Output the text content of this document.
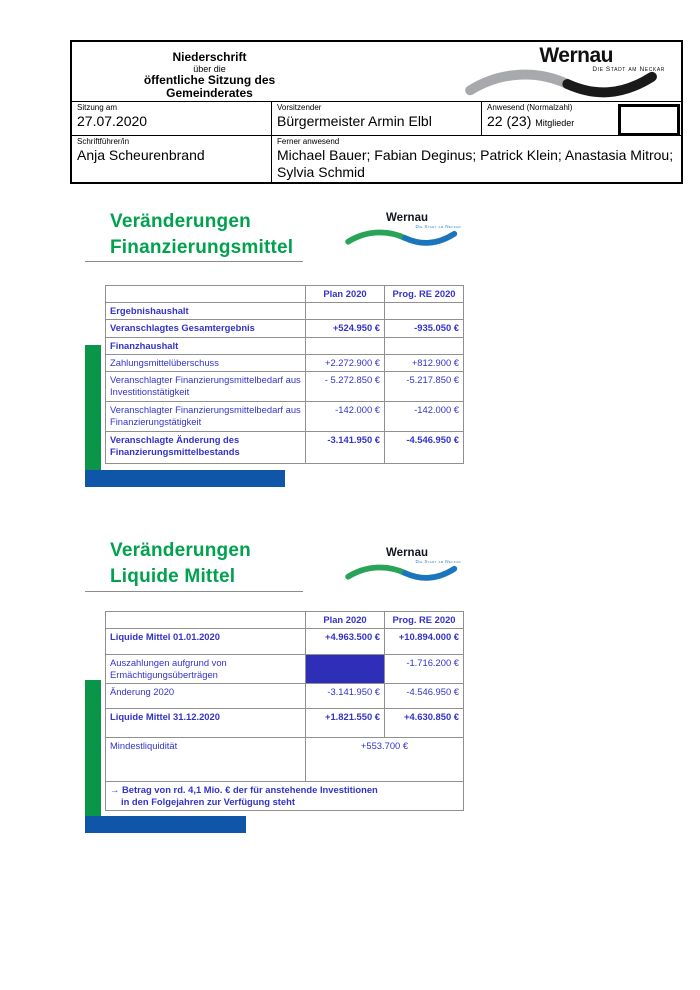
Niederschrift
über die
öffentliche Sitzung des
Gemeinderates
Wernau
Die Stadt am Neckar
Sitzung am
27.07.2020
Vorsitzender
Bürgermeister Armin Elbl
Anwesend (Normalzahl)
22 (23) Mitglieder
Schriftführer/in
Anja Scheurenbrand
Ferner anwesend
Michael Bauer; Fabian Deginus; Patrick Klein; Anastasia Mitrou; Sylvia Schmid
Veränderungen
Finanzierungsmittel
Wernau
Die Stadt am Neckar
	Plan 2020	Prog. RE 2020
Ergebnishaushalt		
Veranschlagtes Gesamtergebnis	+524.950 €	-935.050 €
Finanzhaushalt		
Zahlungsmittelüberschuss	+2.272.900 €	+812.900 €
Veranschlagter Finanzierungsmittelbedarf aus Investitionstätigkeit	- 5.272.850 €	-5.217.850 €
Veranschlagter Finanzierungsmittelbedarf aus Finanzierungstätigkeit	-142.000 €	-142.000 €
Veranschlagte Änderung des Finanzierungsmittelbestands	-3.141.950 €	-4.546.950 €
Veränderungen
Liquide Mittel
Wernau
Die Stadt am Neckar
	Plan 2020	Prog. RE 2020
Liquide Mittel 01.01.2020	+4.963.500 €	+10.894.000 €
Auszahlungen aufgrund von Ermächtigungsüberträgen		-1.716.200 €
Änderung 2020	-3.141.950 €	-4.546.950 €
Liquide Mittel 31.12.2020	+1.821.550 €	+4.630.850 €
Mindestliquidität	+553.700 €	

→ Betrag von rd. 4,1 Mio. € der für anstehende Investitionen
in den Folgejahren zur Verfügung steht		
